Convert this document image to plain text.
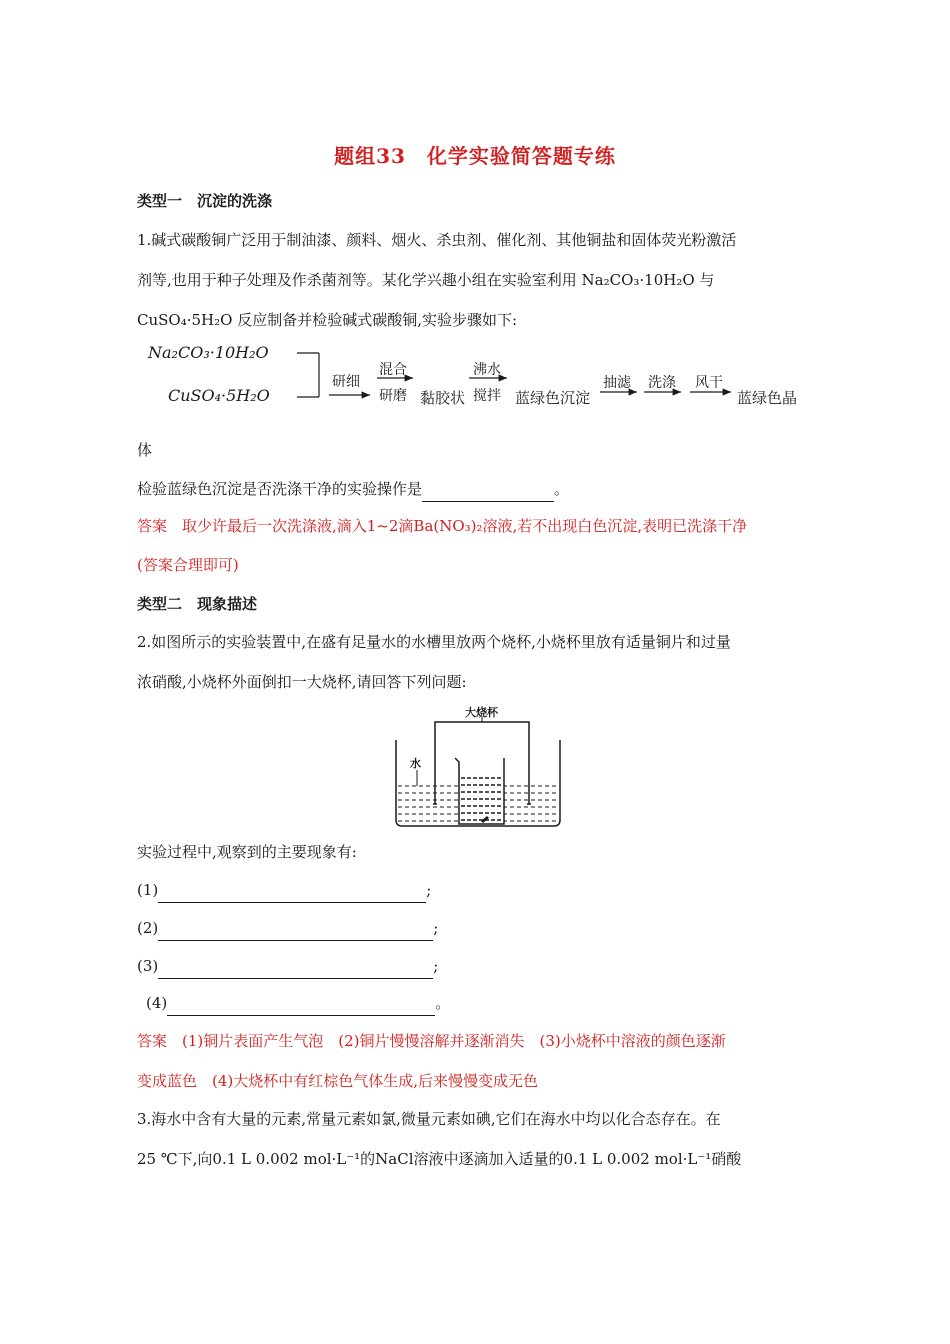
题组33　化学实验简答题专练
类型一　沉淀的洗涤
1.碱式碳酸铜广泛用于制油漆、颜料、烟火、杀虫剂、催化剂、其他铜盐和固体荧光粉激活
剂等,也用于种子处理及作杀菌剂等。某化学兴趣小组在实验室利用 Na₂CO₃·10H₂O 与
CuSO₄·5H₂O 反应制备并检验碱式碳酸铜,实验步骤如下:
Na₂CO₃·10H₂O
CuSO₄·5H₂O
研细
混合
研磨 黏胶状
沸水
搅拌 蓝绿色沉淀
抽滤 洗涤 风干
蓝绿色晶
体
检验蓝绿色沉淀是否洗涤干净的实验操作是	。
答案　取少许最后一次洗涤液,滴入1~2滴Ba(NO₃)₂溶液,若不出现白色沉淀,表明已洗涤干净
(答案合理即可)
类型二　现象描述
2.如图所示的实验装置中,在盛有足量水的水槽里放两个烧杯,小烧杯里放有适量铜片和过量
浓硝酸,小烧杯外面倒扣一大烧杯,请回答下列问题:
大烧杯
水
实验过程中,观察到的主要现象有:
(1)	;
(2)	;
(3)	;
(4)	。
答案　(1)铜片表面产生气泡　(2)铜片慢慢溶解并逐渐消失　(3)小烧杯中溶液的颜色逐渐
变成蓝色　(4)大烧杯中有红棕色气体生成,后来慢慢变成无色
3.海水中含有大量的元素,常量元素如氯,微量元素如碘,它们在海水中均以化合态存在。在
25 ℃下,向0.1 L 0.002 mol·L⁻¹的NaCl溶液中逐滴加入适量的0.1 L 0.002 mol·L⁻¹硝酸
